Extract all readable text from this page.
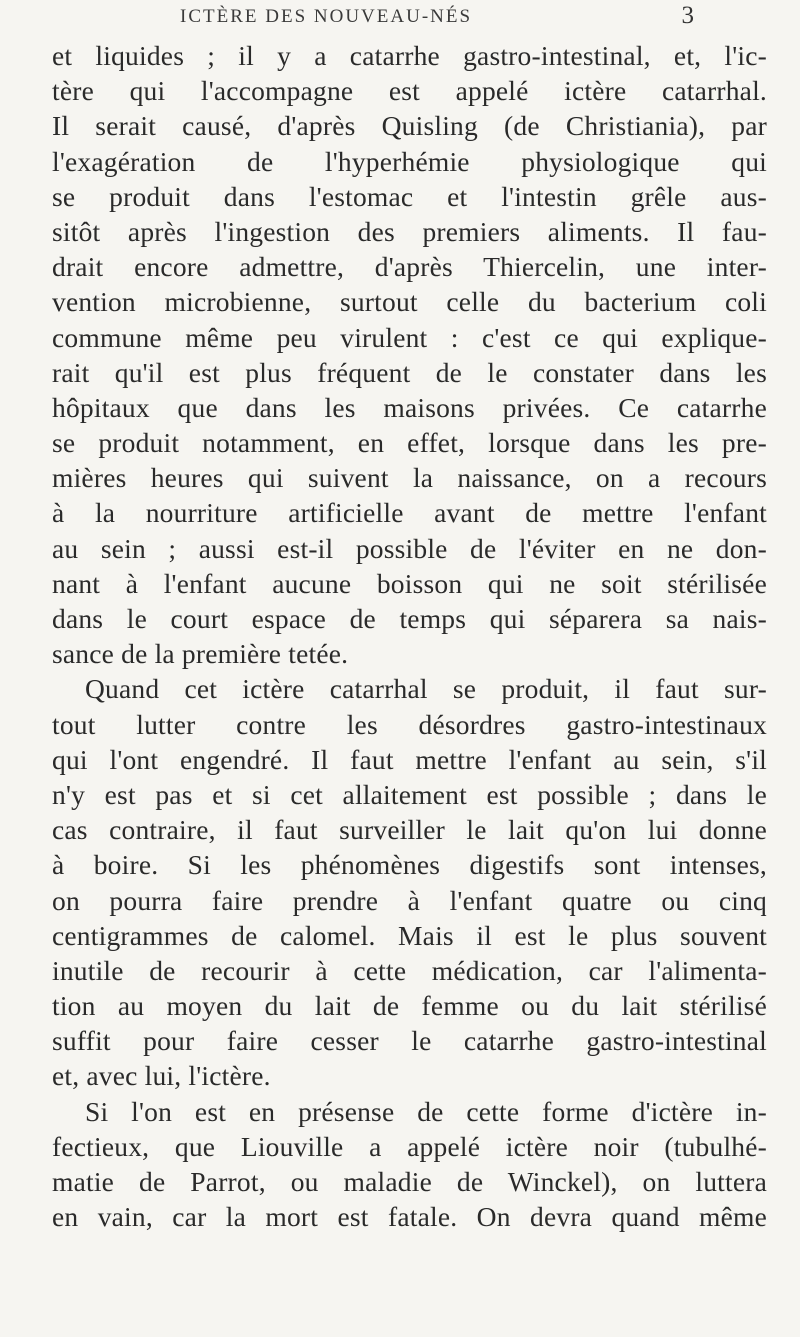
ICTÈRE DES NOUVEAU-NÉS	3
et liquides ; il y a catarrhe gastro-intestinal, et, l'ic-
tère qui l'accompagne est appelé ictère catarrhal.
Il serait causé, d'après Quisling (de Christiania), par
l'exagération de l'hyperhémie physiologique qui
se produit dans l'estomac et l'intestin grêle aus-
sitôt après l'ingestion des premiers aliments. Il fau-
drait encore admettre, d'après Thiercelin, une inter-
vention microbienne, surtout celle du bacterium coli
commune même peu virulent : c'est ce qui explique-
rait qu'il est plus fréquent de le constater dans les
hôpitaux que dans les maisons privées. Ce catarrhe
se produit notamment, en effet, lorsque dans les pre-
mières heures qui suivent la naissance, on a recours
à la nourriture artificielle avant de mettre l'enfant
au sein ; aussi est-il possible de l'éviter en ne don-
nant à l'enfant aucune boisson qui ne soit stérilisée
dans le court espace de temps qui séparera sa nais-
sance de la première tetée.
Quand cet ictère catarrhal se produit, il faut sur-
tout lutter contre les désordres gastro-intestinaux
qui l'ont engendré. Il faut mettre l'enfant au sein, s'il
n'y est pas et si cet allaitement est possible ; dans le
cas contraire, il faut surveiller le lait qu'on lui donne
à boire. Si les phénomènes digestifs sont intenses,
on pourra faire prendre à l'enfant quatre ou cinq
centigrammes de calomel. Mais il est le plus souvent
inutile de recourir à cette médication, car l'alimenta-
tion au moyen du lait de femme ou du lait stérilisé
suffit pour faire cesser le catarrhe gastro-intestinal
et, avec lui, l'ictère.
Si l'on est en présense de cette forme d'ictère in-
fectieux, que Liouville a appelé ictère noir (tubulhé-
matie de Parrot, ou maladie de Winckel), on luttera
en vain, car la mort est fatale. On devra quand même
